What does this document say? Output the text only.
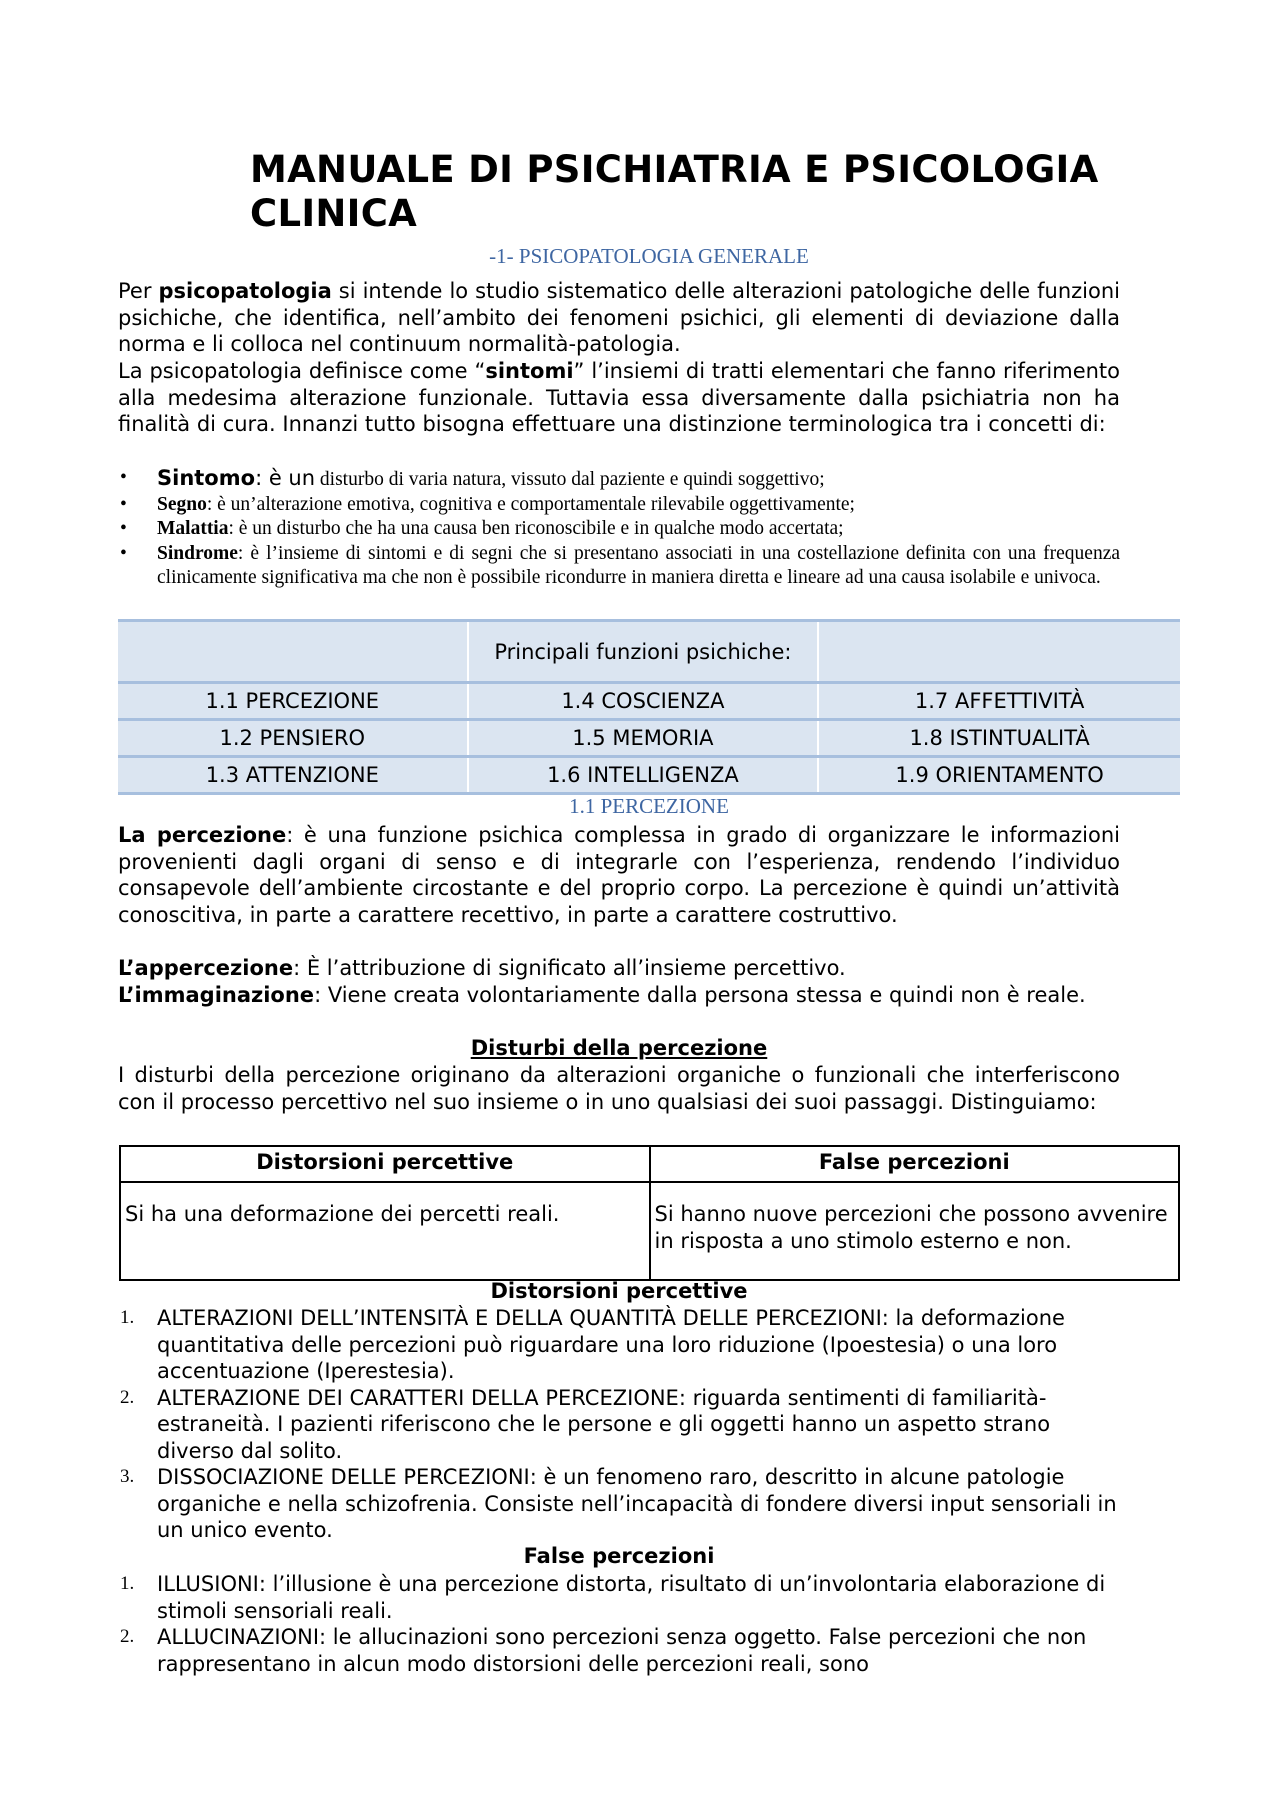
MANUALE DI PSICHIATRIA E PSICOLOGIA CLINICA
-1- PSICOPATOLOGIA GENERALE
Per psicopatologia si intende lo studio sistematico delle alterazioni patologiche delle funzioni psichiche, che identifica, nell’ambito dei fenomeni psichici, gli elementi di deviazione dalla norma e li colloca nel continuum normalità-patologia.
La psicopatologia definisce come “sintomi” l’insiemi di tratti elementari che fanno riferimento alla medesima alterazione funzionale. Tuttavia essa diversamente dalla psichiatria non ha finalità di cura. Innanzi tutto bisogna effettuare una distinzione terminologica tra i concetti di:
• Sintomo: è un disturbo di varia natura, vissuto dal paziente e quindi soggettivo;
• Segno: è un’alterazione emotiva, cognitiva e comportamentale rilevabile oggettivamente;
• Malattia: è un disturbo che ha una causa ben riconoscibile e in qualche modo accertata;
• Sindrome: è l’insieme di sintomi e di segni che si presentano associati in una costellazione definita con una frequenza clinicamente significativa ma che non è possibile ricondurre in maniera diretta e lineare ad una causa isolabile e univoca.
	Principali funzioni psichiche:	
1.1 PERCEZIONE	1.4 COSCIENZA	1.7 AFFETTIVITÀ
1.2 PENSIERO	1.5 MEMORIA	1.8 ISTINTUALITÀ
1.3 ATTENZIONE	1.6 INTELLIGENZA	1.9 ORIENTAMENTO
1.1 PERCEZIONE
La percezione: è una funzione psichica complessa in grado di organizzare le informazioni provenienti dagli organi di senso e di integrarle con l’esperienza, rendendo l’individuo consapevole dell’ambiente circostante e del proprio corpo. La percezione è quindi un’attività conoscitiva, in parte a carattere recettivo, in parte a carattere costruttivo.
L’appercezione: È l’attribuzione di significato all’insieme percettivo.
L’immaginazione: Viene creata volontariamente dalla persona stessa e quindi non è reale.
Disturbi della percezione
I disturbi della percezione originano da alterazioni organiche o funzionali che interferiscono con il processo percettivo nel suo insieme o in uno qualsiasi dei suoi passaggi. Distinguiamo:
Distorsioni percettive	False percezioni
Si ha una deformazione dei percetti reali.	Si hanno nuove percezioni che possono avvenire in risposta a uno stimolo esterno e non.
Distorsioni percettive
1. ALTERAZIONI DELL’INTENSITÀ E DELLA QUANTITÀ DELLE PERCEZIONI: la deformazione quantitativa delle percezioni può riguardare una loro riduzione (Ipoestesia) o una loro accentuazione (Iperestesia).
2. ALTERAZIONE DEI CARATTERI DELLA PERCEZIONE: riguarda sentimenti di familiarità-estraneità. I pazienti riferiscono che le persone e gli oggetti hanno un aspetto strano diverso dal solito.
3. DISSOCIAZIONE DELLE PERCEZIONI: è un fenomeno raro, descritto in alcune patologie organiche e nella schizofrenia. Consiste nell’incapacità di fondere diversi input sensoriali in un unico evento.
False percezioni
1. ILLUSIONI: l’illusione è una percezione distorta, risultato di un’involontaria elaborazione di stimoli sensoriali reali.
2. ALLUCINAZIONI: le allucinazioni sono percezioni senza oggetto. False percezioni che non rappresentano in alcun modo distorsioni delle percezioni reali, sono
